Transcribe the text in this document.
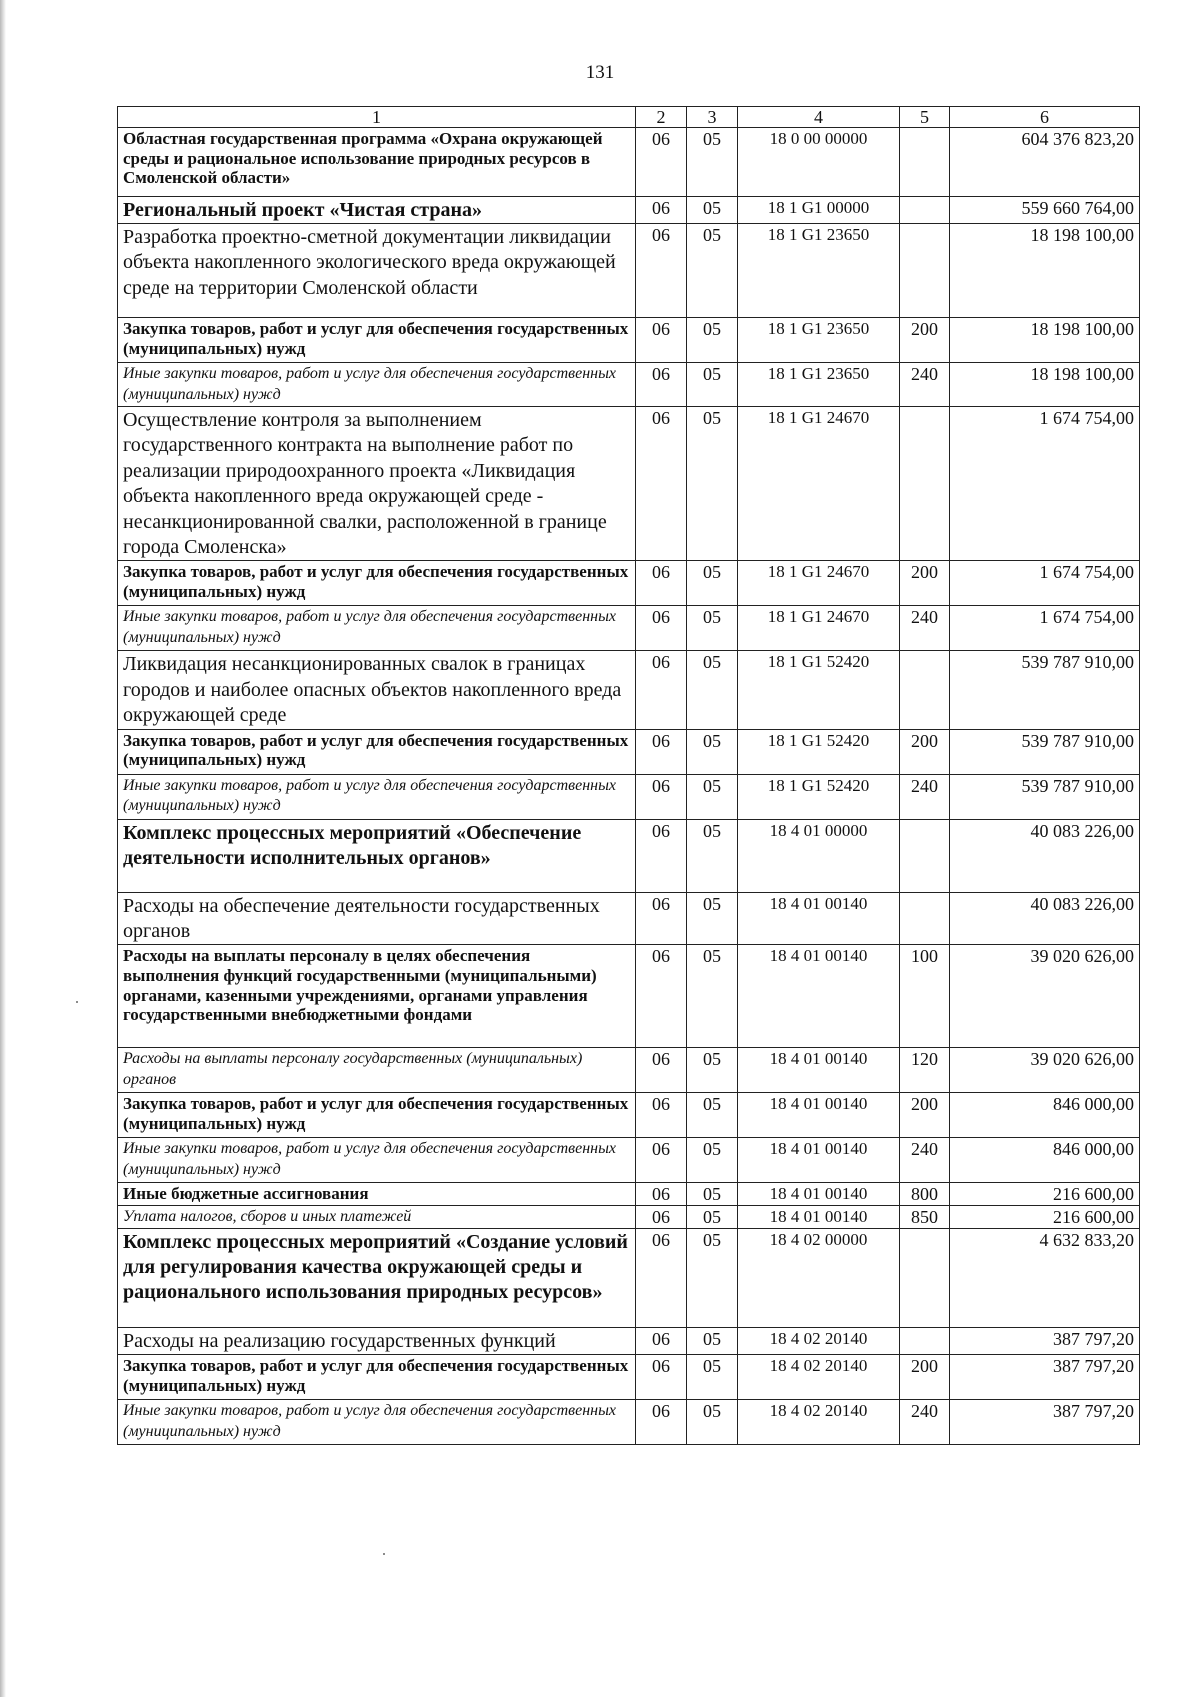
131
1	2	3	4	5	6
Областная государственная программа «Охрана окружающей среды и рациональное использование природных ресурсов в Смоленской области»	06	05	18 0 00 00000		604 376 823,20
Региональный проект «Чистая страна»	06	05	18 1 G1 00000		559 660 764,00
Разработка проектно-сметной документации ликвидации объекта накопленного экологического вреда окружающей среде на территории Смоленской области	06	05	18 1 G1 23650		18 198 100,00
Закупка товаров, работ и услуг для обеспечения государственных (муниципальных) нужд	06	05	18 1 G1 23650	200	18 198 100,00
Иные закупки товаров, работ и услуг для обеспечения государственных (муниципальных) нужд	06	05	18 1 G1 23650	240	18 198 100,00
Осуществление контроля за выполнением государственного контракта на выполнение работ по реализации природоохранного проекта «Ликвидация объекта накопленного вреда окружающей среде - несанкционированной свалки, расположенной в границе города Смоленска»	06	05	18 1 G1 24670		1 674 754,00
Закупка товаров, работ и услуг для обеспечения государственных (муниципальных) нужд	06	05	18 1 G1 24670	200	1 674 754,00
Иные закупки товаров, работ и услуг для обеспечения государственных (муниципальных) нужд	06	05	18 1 G1 24670	240	1 674 754,00
Ликвидация несанкционированных свалок в границах городов и наиболее опасных объектов накопленного вреда окружающей среде	06	05	18 1 G1 52420		539 787 910,00
Закупка товаров, работ и услуг для обеспечения государственных (муниципальных) нужд	06	05	18 1 G1 52420	200	539 787 910,00
Иные закупки товаров, работ и услуг для обеспечения государственных (муниципальных) нужд	06	05	18 1 G1 52420	240	539 787 910,00
Комплекс процессных мероприятий «Обеспечение деятельности исполнительных органов»	06	05	18 4 01 00000		40 083 226,00
Расходы на обеспечение деятельности государственных органов	06	05	18 4 01 00140		40 083 226,00
Расходы на выплаты персоналу в целях обеспечения выполнения функций государственными (муниципальными) органами, казенными учреждениями, органами управления государственными внебюджетными фондами	06	05	18 4 01 00140	100	39 020 626,00
Расходы на выплаты персоналу государственных (муниципальных) органов	06	05	18 4 01 00140	120	39 020 626,00
Закупка товаров, работ и услуг для обеспечения государственных (муниципальных) нужд	06	05	18 4 01 00140	200	846 000,00
Иные закупки товаров, работ и услуг для обеспечения государственных (муниципальных) нужд	06	05	18 4 01 00140	240	846 000,00
Иные бюджетные ассигнования	06	05	18 4 01 00140	800	216 600,00
Уплата налогов, сборов и иных платежей	06	05	18 4 01 00140	850	216 600,00
Комплекс процессных мероприятий «Создание условий для регулирования качества окружающей среды и рационального использования природных ресурсов»	06	05	18 4 02 00000		4 632 833,20
Расходы на реализацию государственных функций	06	05	18 4 02 20140		387 797,20
Закупка товаров, работ и услуг для обеспечения государственных (муниципальных) нужд	06	05	18 4 02 20140	200	387 797,20
Иные закупки товаров, работ и услуг для обеспечения государственных (муниципальных) нужд	06	05	18 4 02 20140	240	387 797,20
